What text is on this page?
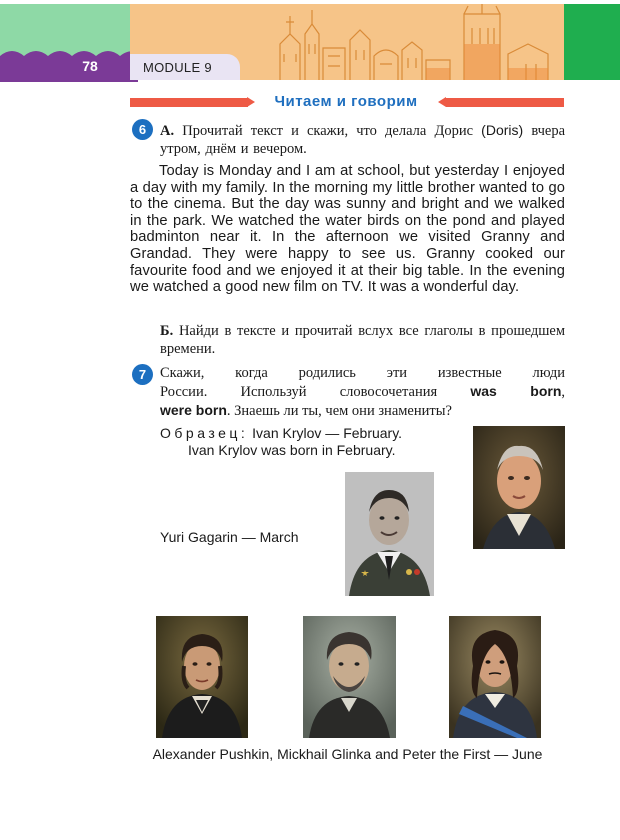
78	MODULE 9
Читаем и говорим
6 А. Прочитай текст и скажи, что делала Дорис (Doris) вчера утром, днём и вечером.

Today is Monday and I am at school, but yesterday I enjoyed a day with my family. In the morning my little brother wanted to go to the cinema. But the day was sunny and bright and we walked in the park. We watched the water birds on the pond and played badminton near it. In the afternoon we visited Granny and Grandad. They were happy to see us. Granny cooked our favourite food and we enjoyed it at their big table. In the evening we watched a good new film on TV. It was a wonderful day.

Б. Найди в тексте и прочитай вслух все глаголы в прошедшем времени.
7 Скажи, когда родились эти известные люди
России. Используй словосочетания was born,
were born. Знаешь ли ты, чем они знамениты?
Образец: Ivan Krylov — February.
Ivan Krylov was born in February.
Yuri Gagarin — March
Alexander Pushkin, Mickhail Glinka and Peter the First — June
